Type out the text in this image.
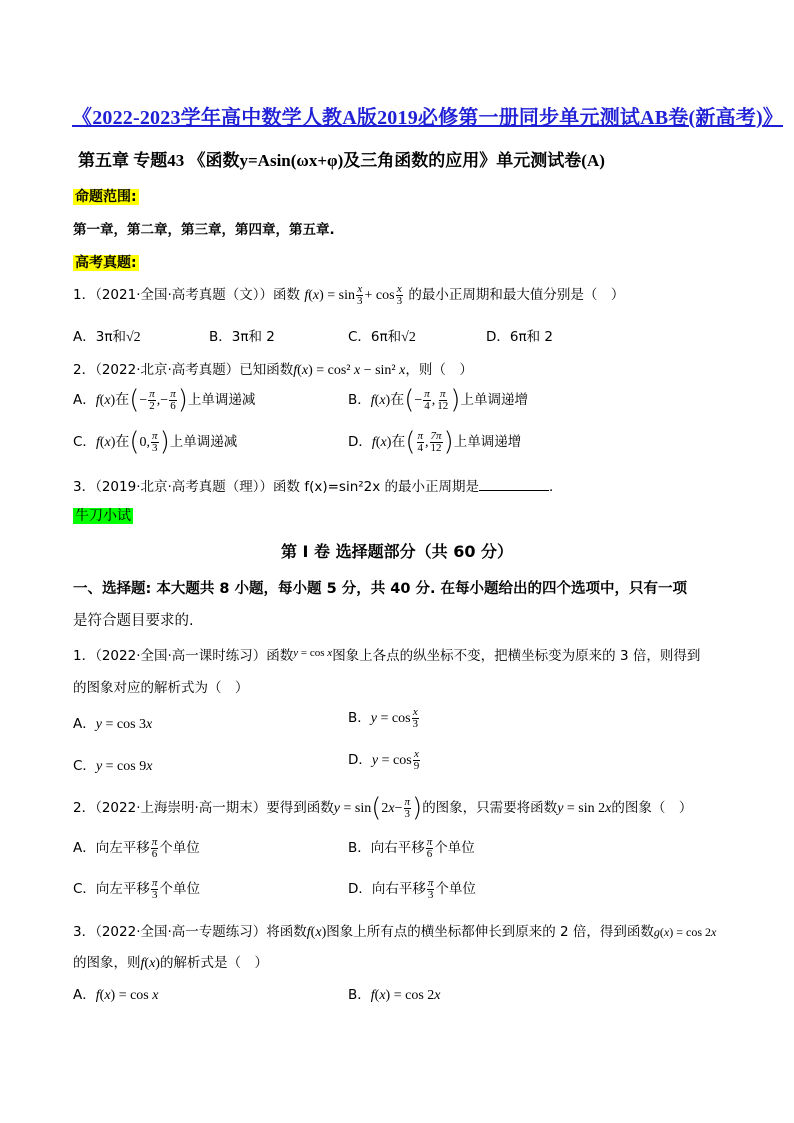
《2022-2023学年高中数学人教A版2019必修第一册同步单元测试AB卷(新高考)》
第五章 专题43 《函数y=Asin(ωx+φ)及三角函数的应用》单元测试卷(A)
命题范围:
第一章，第二章，第三章，第四章，第五章.
高考真题:
1．（2021·全国·高考真题（文））函数 $f(x) = \sin \frac{x}{3} + \cos \frac{x}{3}$ 的最小正周期和最大值分别是（　）
A．3π和√2	B．3π和 2	C．6π和√2	D．6π和 2
2．（2022·北京·高考真题）已知函数f(x) = cos² x − sin² x，则（　）
A．f(x)在(− $\frac{\pi}{2}$ ,− $\frac{\pi}{6}$ )上单调递减	B．f(x)在(− $\frac{\pi}{4}$ , $\frac{\pi}{12}$ )上单调递增
C．f(x)在(0, $\frac{\pi}{3}$ )上单调递减	D．f(x)在( $\frac{\pi}{4}$ , $\frac{7\pi}{12}$ )上单调递增
3．（2019·北京·高考真题（理））函数 f(x)=sin²2x 的最小正周期是	．
牛刀小试
第 I 卷 选择题部分（共 60 分）
一、选择题: 本大题共 8 小题，每小题 5 分，共 40 分. 在每小题给出的四个选项中，只有一项
是符合题目要求的.
1．（2022·全国·高一课时练习）函数$^y$ $^{= cos}$ $^x$图象上各点的纵坐标不变，把横坐标变为原来的 3 倍，则得到
的图象对应的解析式为（　）
A．y = cos 3x	B．$y = \cos \frac{x}{3}$
C．y = cos 9x	D．$y = \cos \frac{x}{9}$
2．（2022·上海崇明·高一期末）要得到函数$y = \sin(2x- \frac{\pi}{3}$ )的图象，只需要将函数y = sin 2x的图象（　）
A．向左平移 $\frac{\pi}{6}$ 个单位	B．向右平移 $\frac{\pi}{6}$ 个单位
C．向左平移 $\frac{\pi}{3}$ 个单位	D．向右平移 $\frac{\pi}{3}$ 个单位
3．（2022·全国·高一专题练习）将函数f(x)图象上所有点的横坐标都伸长到原来的 2 倍，得到函数g(x) = cos 2x
的图象，则f(x)的解析式是（　）
A．f(x) = cos x	B．f(x) = cos 2x
